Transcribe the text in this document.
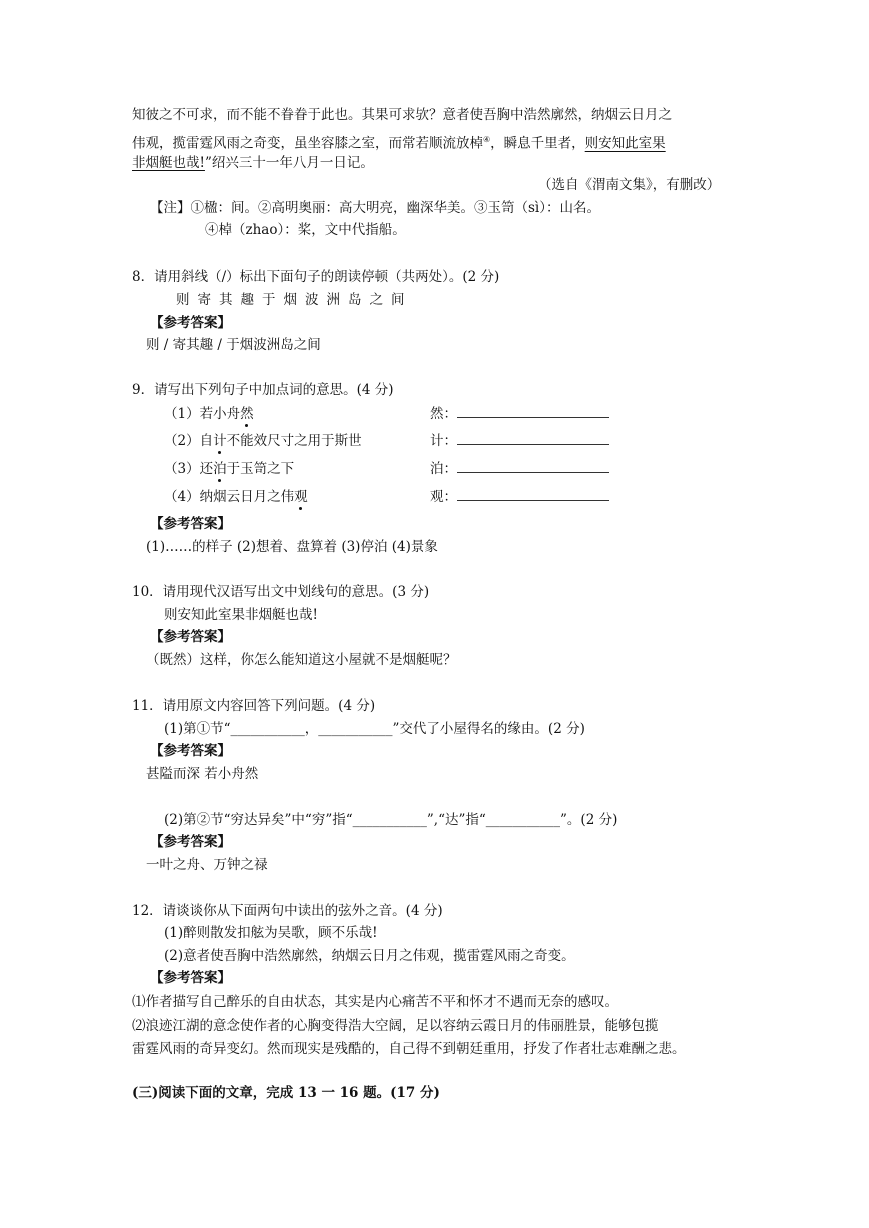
知彼之不可求，而不能不眷眷于此也。其果可求欤？意者使吾胸中浩然廓然，纳烟云日月之
伟观，揽雷霆风雨之奇变，虽坐容膝之室，而常若顺流放棹④，瞬息千里者，则安知此室果
非烟艇也哉!”绍兴三十一年八月一日记。
（选自《渭南文集》，有删改）
【注】①楹：间。②高明奥丽：高大明亮，幽深华美。③玉笥（sì）：山名。
④棹（zhao）：桨，文中代指船。
8．请用斜线（/）标出下面句子的朗读停顿（共两处）。(2 分)
则寄其趣于烟波洲岛之间
【参考答案】
则 / 寄其趣 / 于烟波洲岛之间
9．请写出下列句子中加点词的意思。(4 分)
（1）若小舟然	然：
（2）自计不能效尺寸之用于斯世	计：
（3）还泊于玉笥之下	泊：
（4）纳烟云日月之伟观	观：
【参考答案】
(1)……的样子 (2)想着、盘算着 (3)停泊 (4)景象
10．请用现代汉语写出文中划线句的意思。(3 分)
则安知此室果非烟艇也哉!
【参考答案】
（既然）这样，你怎么能知道这小屋就不是烟艇呢？
11．请用原文内容回答下列问题。(4 分)
(1)第①节“___________，___________”交代了小屋得名的缘由。(2 分)
【参考答案】
甚隘而深 若小舟然
(2)第②节“穷达异矣”中“穷”指“___________”,“达”指“___________”。(2 分)
【参考答案】
一叶之舟、万钟之禄
12．请谈谈你从下面两句中读出的弦外之音。(4 分)
(1)醉则散发扣舷为吴歌，顾不乐哉!
(2)意者使吾胸中浩然廓然，纳烟云日月之伟观，揽雷霆风雨之奇变。
【参考答案】
⑴作者描写自己醉乐的自由状态，其实是内心痛苦不平和怀才不遇而无奈的感叹。
⑵浪迹江湖的意念使作者的心胸变得浩大空阔，足以容纳云霞日月的伟丽胜景，能够包揽
雷霆风雨的奇异变幻。然而现实是残酷的，自己得不到朝廷重用，抒发了作者壮志难酬之悲。
(三)阅读下面的文章，完成 13 一 16 题。(17 分)
